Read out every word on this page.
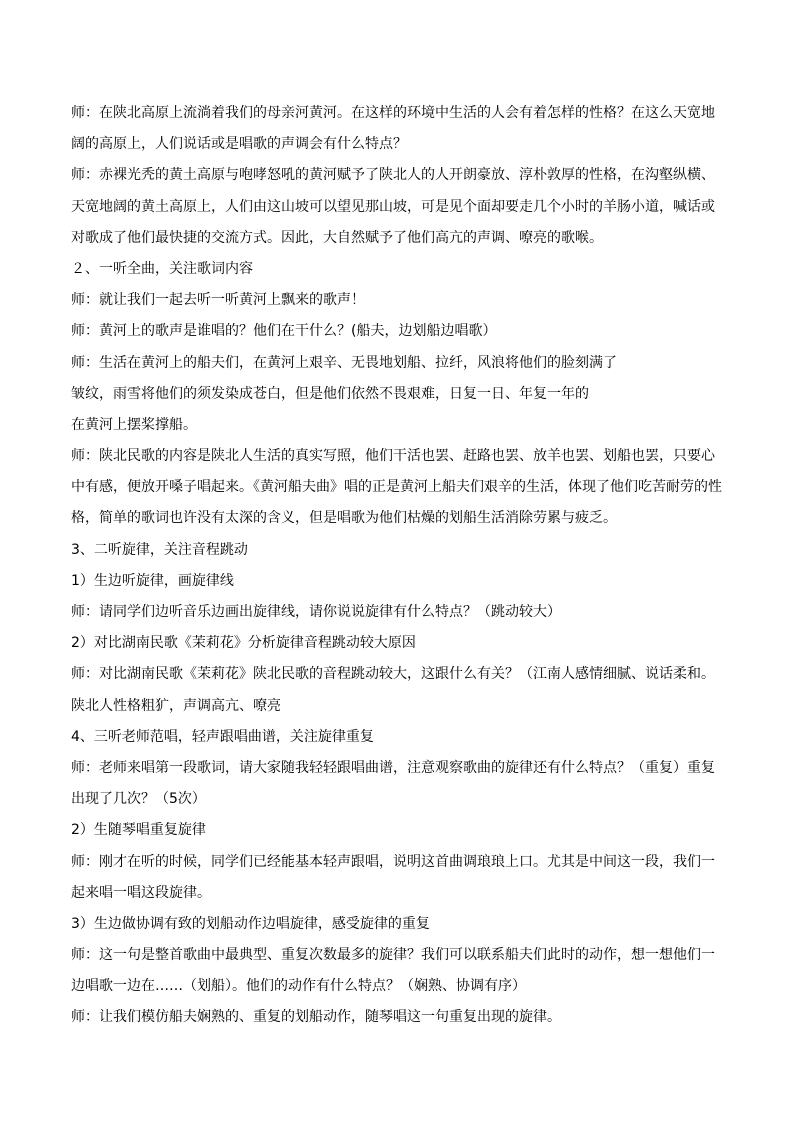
师：在陕北高原上流淌着我们的母亲河黄河。在这样的环境中生活的人会有着怎样的性格？在这么天宽地
阔的高原上，人们说话或是唱歌的声调会有什么特点？
师：赤裸光秃的黄土高原与咆哮怒吼的黄河赋予了陕北人的人开朗豪放、淳朴敦厚的性格，在沟壑纵横、
天宽地阔的黄土高原上，人们由这山坡可以望见那山坡，可是见个面却要走几个小时的羊肠小道，喊话或
对歌成了他们最快捷的交流方式。因此，大自然赋予了他们高亢的声调、嘹亮的歌喉。
２、一听全曲，关注歌词内容
师：就让我们一起去听一听黄河上飘来的歌声！
师：黄河上的歌声是谁唱的？他们在干什么？(船夫，边划船边唱歌）
师：生活在黄河上的船夫们，在黄河上艰辛、无畏地划船、拉纤，风浪将他们的脸刻满了
皱纹，雨雪将他们的须发染成苍白，但是他们依然不畏艰难，日复一日、年复一年的
在黄河上摆桨撑船。
师：陕北民歌的内容是陕北人生活的真实写照，他们干活也罢、赶路也罢、放羊也罢、划船也罢，只要心
中有感，便放开嗓子唱起来。《黄河船夫曲》唱的正是黄河上船夫们艰辛的生活，体现了他们吃苦耐劳的性
格，简单的歌词也许没有太深的含义，但是唱歌为他们枯燥的划船生活消除劳累与疲乏。
3、二听旋律，关注音程跳动
1）生边听旋律，画旋律线
师：请同学们边听音乐边画出旋律线，请你说说旋律有什么特点？（跳动较大）
2）对比湖南民歌《茉莉花》分析旋律音程跳动较大原因
师：对比湖南民歌《茉莉花》陕北民歌的音程跳动较大，这跟什么有关？（江南人感情细腻、说话柔和。
陕北人性格粗犷，声调高亢、嘹亮
4、三听老师范唱，轻声跟唱曲谱，关注旋律重复
师：老师来唱第一段歌词，请大家随我轻轻跟唱曲谱，注意观察歌曲的旋律还有什么特点？（重复）重复
出现了几次？（5次）
2）生随琴唱重复旋律
师：刚才在听的时候，同学们已经能基本轻声跟唱，说明这首曲调琅琅上口。尤其是中间这一段，我们一
起来唱一唱这段旋律。
3）生边做协调有致的划船动作边唱旋律，感受旋律的重复
师：这一句是整首歌曲中最典型、重复次数最多的旋律？我们可以联系船夫们此时的动作，想一想他们一
边唱歌一边在……（划船）。他们的动作有什么特点？（娴熟、协调有序）
师：让我们模仿船夫娴熟的、重复的划船动作，随琴唱这一句重复出现的旋律。
